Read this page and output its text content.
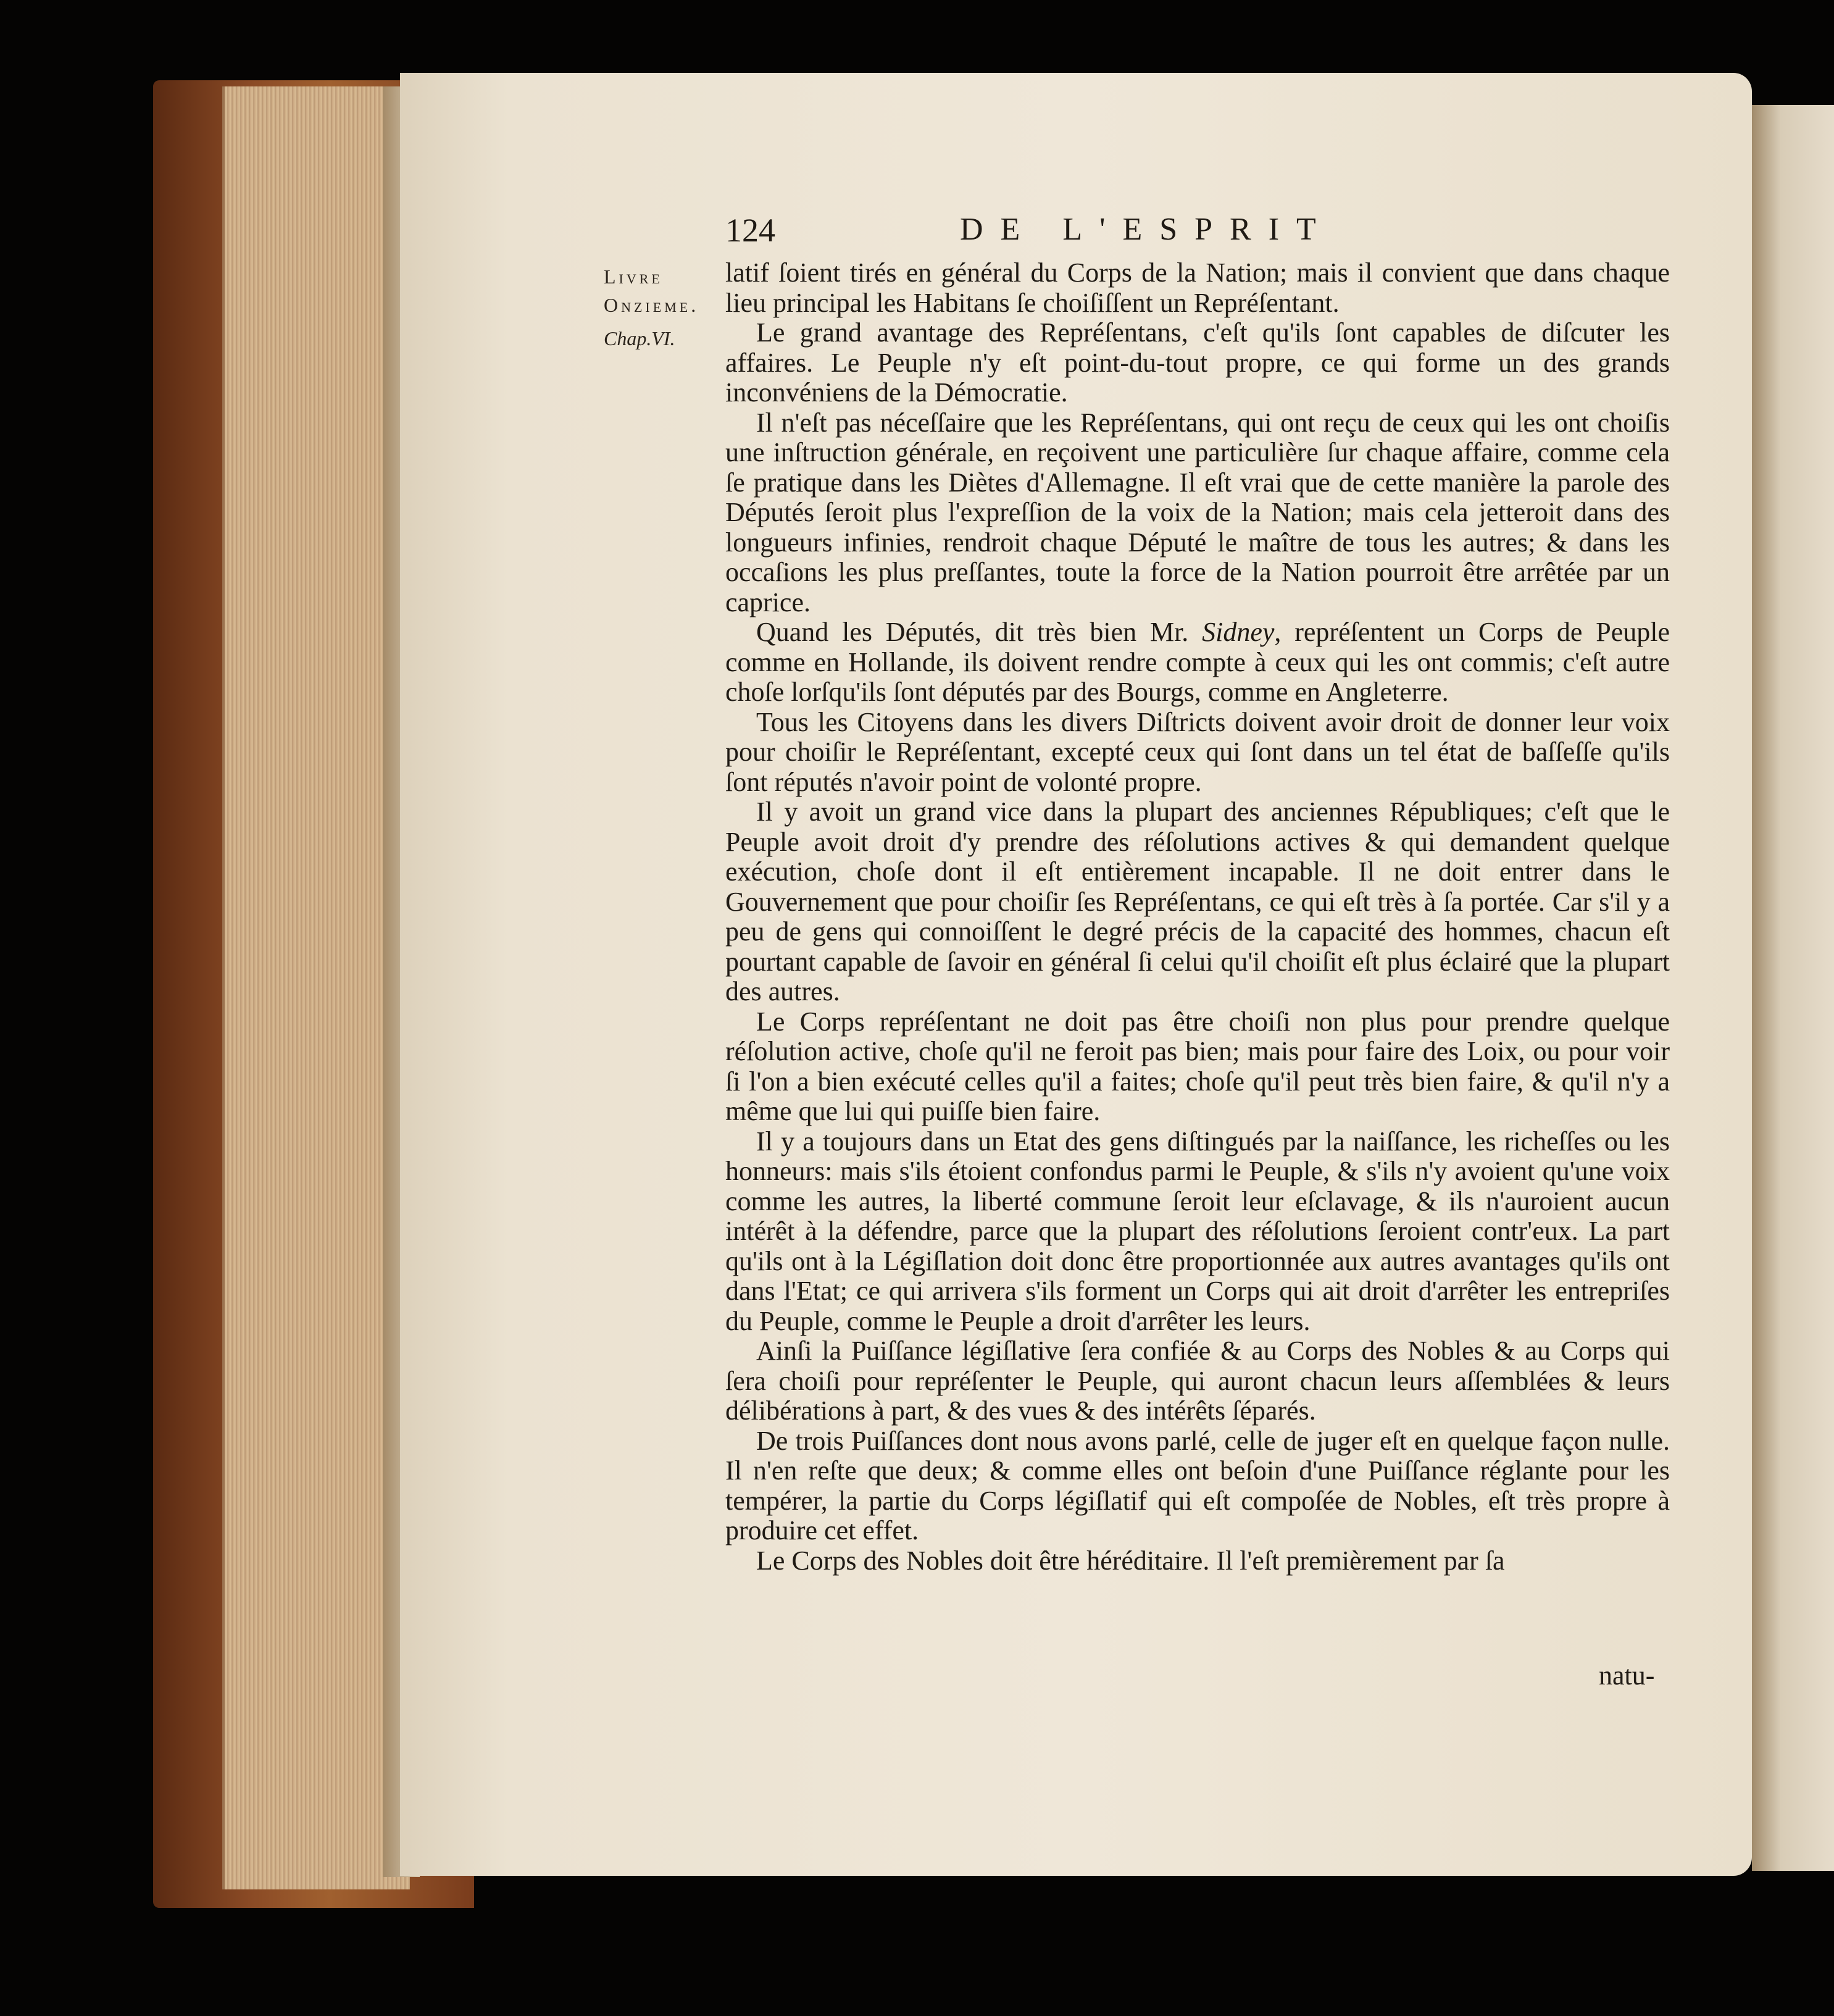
124	DE L'ESPRIT
Livre
Onzieme.
Chap.VI.

latif ſoient tirés en général du Corps de la Nation; mais il convient que dans chaque lieu principal les Habitans ſe choiſiſſent un Repréſentant.

Le grand avantage des Repréſentans, c'eſt qu'ils ſont capables de diſcuter les affaires. Le Peuple n'y eſt point-du-tout propre, ce qui forme un des grands inconvéniens de la Démocratie.

Il n'eſt pas néceſſaire que les Repréſentans, qui ont reçu de ceux qui les ont choiſis une inſtruction générale, en reçoivent une particulière ſur chaque affaire, comme cela ſe pratique dans les Diètes d'Allemagne. Il eſt vrai que de cette manière la parole des Députés ſeroit plus l'expreſſion de la voix de la Nation; mais cela jetteroit dans des longueurs infinies, rendroit chaque Député le maître de tous les autres; & dans les occaſions les plus preſſantes, toute la force de la Nation pourroit être arrêtée par un caprice.

Quand les Députés, dit très bien Mr. Sidney, repréſentent un Corps de Peuple comme en Hollande, ils doivent rendre compte à ceux qui les ont commis; c'eſt autre choſe lorſqu'ils ſont députés par des Bourgs, comme en Angleterre.

Tous les Citoyens dans les divers Diſtricts doivent avoir droit de donner leur voix pour choiſir le Repréſentant, excepté ceux qui ſont dans un tel état de baſſeſſe qu'ils ſont réputés n'avoir point de volonté propre.

Il y avoit un grand vice dans la plupart des anciennes Républiques; c'eſt que le Peuple avoit droit d'y prendre des réſolutions actives & qui demandent quelque exécution, choſe dont il eſt entièrement incapable. Il ne doit entrer dans le Gouvernement que pour choiſir ſes Repréſentans, ce qui eſt très à ſa portée. Car s'il y a peu de gens qui connoiſſent le degré précis de la capacité des hommes, chacun eſt pourtant capable de ſavoir en général ſi celui qu'il choiſit eſt plus éclairé que la plupart des autres.

Le Corps repréſentant ne doit pas être choiſi non plus pour prendre quelque réſolution active, choſe qu'il ne feroit pas bien; mais pour faire des Loix, ou pour voir ſi l'on a bien exécuté celles qu'il a faites; choſe qu'il peut très bien faire, & qu'il n'y a même que lui qui puiſſe bien faire.

Il y a toujours dans un Etat des gens diſtingués par la naiſſance, les richeſſes ou les honneurs: mais s'ils étoient confondus parmi le Peuple, & s'ils n'y avoient qu'une voix comme les autres, la liberté commune ſeroit leur eſclavage, & ils n'auroient aucun intérêt à la défendre, parce que la plupart des réſolutions ſeroient contr'eux. La part qu'ils ont à la Légiſlation doit donc être proportionnée aux autres avantages qu'ils ont dans l'Etat; ce qui arrivera s'ils forment un Corps qui ait droit d'arrêter les entrepriſes du Peuple, comme le Peuple a droit d'arrêter les leurs.

Ainſi la Puiſſance légiſlative ſera confiée & au Corps des Nobles & au Corps qui ſera choiſi pour repréſenter le Peuple, qui auront chacun leurs aſſemblées & leurs délibérations à part, & des vues & des intérêts ſéparés.

De trois Puiſſances dont nous avons parlé, celle de juger eſt en quelque façon nulle. Il n'en reſte que deux; & comme elles ont beſoin d'une Puiſſance réglante pour les tempérer, la partie du Corps légiſlatif qui eſt compoſée de Nobles, eſt très propre à produire cet effet.

Le Corps des Nobles doit être héréditaire. Il l'eſt premièrement par ſa

natu-
